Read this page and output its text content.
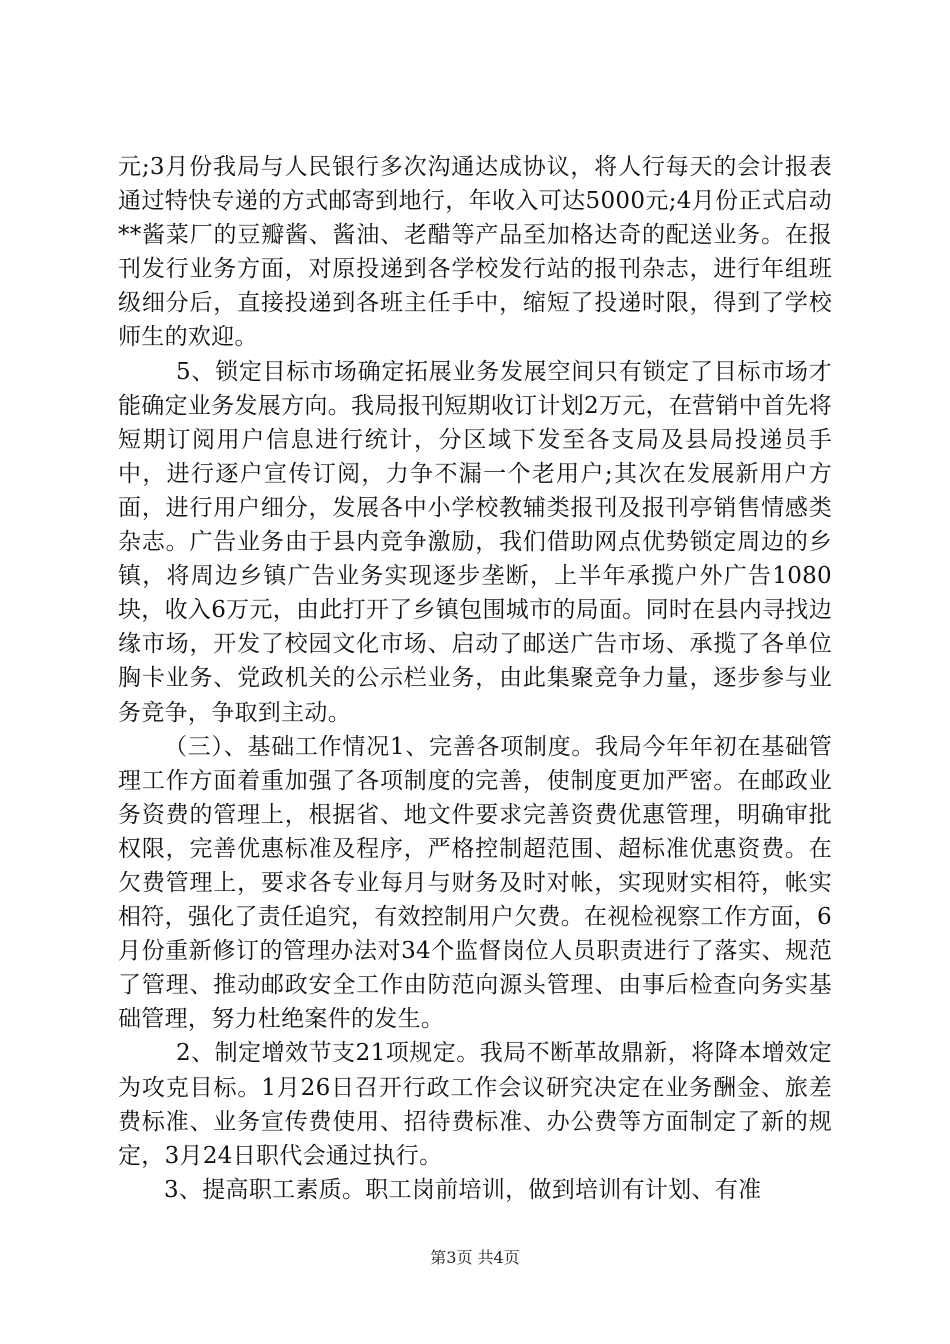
元;3月份我局与人民银行多次沟通达成协议，将人行每天的会计报表通过特快专递的方式邮寄到地行，年收入可达5000元;4月份正式启动**酱菜厂的豆瓣酱、酱油、老醋等产品至加格达奇的配送业务。在报刊发行业务方面，对原投递到各学校发行站的报刊杂志，进行年组班级细分后，直接投递到各班主任手中，缩短了投递时限，得到了学校师生的欢迎。

5、锁定目标市场确定拓展业务发展空间只有锁定了目标市场才能确定业务发展方向。我局报刊短期收订计划2万元，在营销中首先将短期订阅用户信息进行统计，分区域下发至各支局及县局投递员手中，进行逐户宣传订阅，力争不漏一个老用户;其次在发展新用户方面，进行用户细分，发展各中小学校教辅类报刊及报刊亭销售情感类杂志。广告业务由于县内竞争激励，我们借助网点优势锁定周边的乡镇，将周边乡镇广告业务实现逐步垄断，上半年承揽户外广告1080块，收入6万元，由此打开了乡镇包围城市的局面。同时在县内寻找边缘市场，开发了校园文化市场、启动了邮送广告市场、承揽了各单位胸卡业务、党政机关的公示栏业务，由此集聚竞争力量，逐步参与业务竞争，争取到主动。

（三）、基础工作情况1、完善各项制度。我局今年年初在基础管理工作方面着重加强了各项制度的完善，使制度更加严密。在邮政业务资费的管理上，根据省、地文件要求完善资费优惠管理，明确审批权限，完善优惠标准及程序，严格控制超范围、超标准优惠资费。在欠费管理上，要求各专业每月与财务及时对帐，实现财实相符，帐实相符，强化了责任追究，有效控制用户欠费。在视检视察工作方面，6月份重新修订的管理办法对34个监督岗位人员职责进行了落实、规范了管理、推动邮政安全工作由防范向源头管理、由事后检查向务实基础管理，努力杜绝案件的发生。

2、制定增效节支21项规定。我局不断革故鼎新，将降本增效定为攻克目标。1月26日召开行政工作会议研究决定在业务酬金、旅差费标准、业务宣传费使用、招待费标准、办公费等方面制定了新的规定，3月24日职代会通过执行。

3、提高职工素质。职工岗前培训，做到培训有计划、有准

第3页 共4页
